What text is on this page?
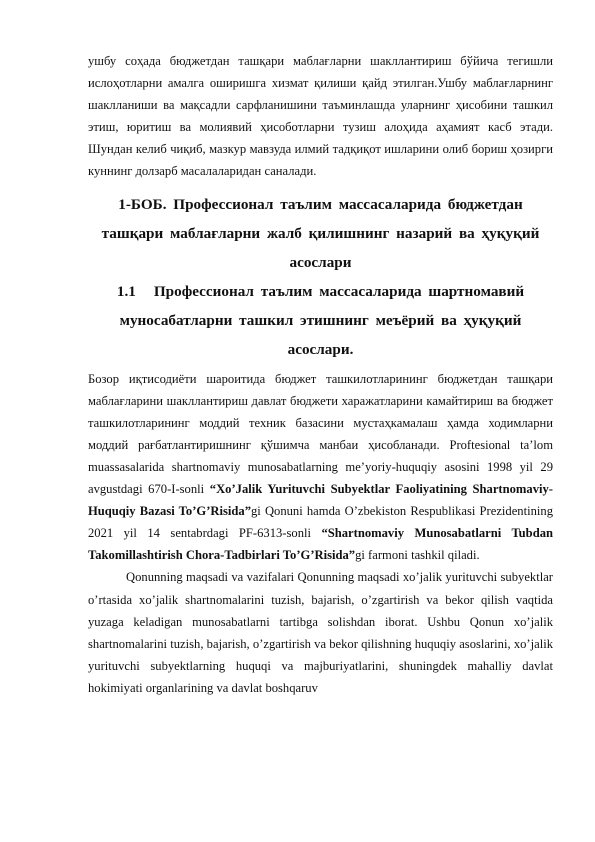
ушбу соҳада бюджетдан ташқари маблағларни шакллантириш бўйича тегишли ислоҳотларни амалга оширишга хизмат қилиши қайд этилган.Ушбу маблағларнинг шаклланиши ва мақсадли сарфланишини таъминлашда уларнинг ҳисобини ташкил этиш, юритиш ва молиявий ҳисоботларни тузиш алоҳида аҳамият касб этади. Шундан келиб чиқиб, мазкур мавзуда илмий тадқиқот ишларини олиб бориш ҳозирги куннинг долзарб масалаларидан саналади.

1-БОБ. Профессионал таълим массасаларида бюджетдан ташқари маблағларни жалб қилишнинг назарий ва ҳуқуқий асослари

1.1 Профессионал таълим массасаларида шартномавий муносабатларни ташкил этишнинг меъёрий ва ҳуқуқий асослари.

Бозор иқтисодиёти шароитида бюджет ташкилотларининг бюджетдан ташқари маблағларини шакллантириш давлат бюджети харажатларини камайтириш ва бюджет ташкилотларининг моддий техник базасини мустаҳкамалаш ҳамда ходимларни моддий рағбатлантиришнинг қўшимча манбаи ҳисобланади. Proftesional ta’lom muassasalarida shartnomaviy munosabatlarning me’yoriy-huquqiy asosini 1998 yil 29 avgustdagi 670-I-sonli “Xo’Jalik Yurituvchi Subyektlar Faoliyatining Shartnomaviy-Huquqiy Bazasi To’G’Risida”gi Qonuni hamda O’zbekiston Respublikasi Prezidentining 2021 yil 14 sentabrdagi PF-6313-sonli “Shartnomaviy Munosabatlarni Tubdan Takomillashtirish Chora-Tadbirlari To’G’Risida”gi farmoni tashkil qiladi.

Qonunning maqsadi va vazifalari Qonunning maqsadi xo’jalik yurituvchi subyektlar o’rtasida xo’jalik shartnomalarini tuzish, bajarish, o’zgartirish va bekor qilish vaqtida yuzaga keladigan munosabatlarni tartibga solishdan iborat. Ushbu Qonun xo’jalik shartnomalarini tuzish, bajarish, o’zgartirish va bekor qilishning huquqiy asoslarini, xo’jalik yurituvchi subyektlarning huquqi va majburiyatlarini, shuningdek mahalliy davlat hokimiyati organlarining va davlat boshqaruv
